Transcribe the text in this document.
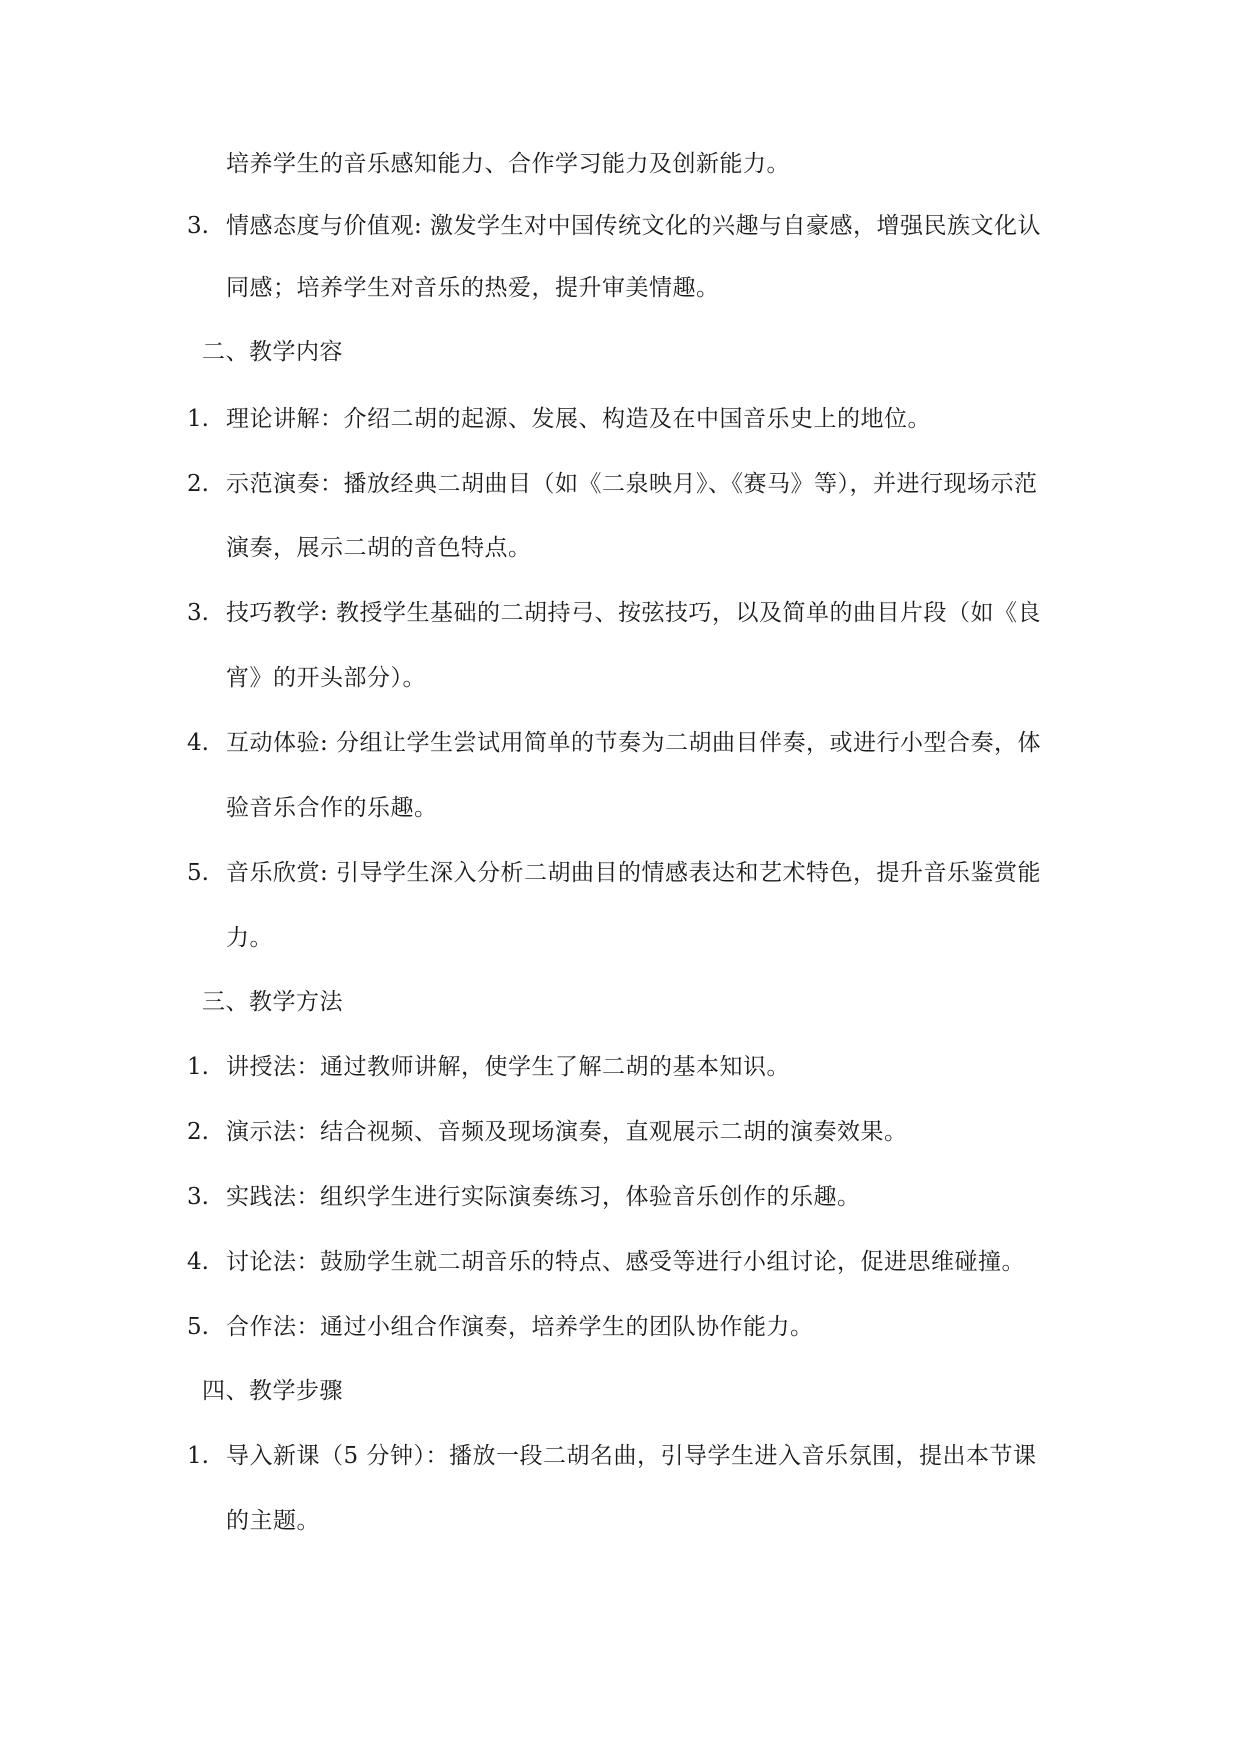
培养学生的音乐感知能力、合作学习能力及创新能力。
3. 情感态度与价值观: 激发学生对中国传统文化的兴趣与自豪感，增强民族文化认
同感；培养学生对音乐的热爱，提升审美情趣。
二、教学内容
1. 理论讲解：介绍二胡的起源、发展、构造及在中国音乐史上的地位。
2. 示范演奏：播放经典二胡曲目（如《二泉映月》、《赛马》等），并进行现场示范
演奏，展示二胡的音色特点。
3. 技巧教学: 教授学生基础的二胡持弓、按弦技巧，以及简单的曲目片段（如《良
宵》的开头部分）。
4. 互动体验: 分组让学生尝试用简单的节奏为二胡曲目伴奏，或进行小型合奏，体
验音乐合作的乐趣。
5. 音乐欣赏: 引导学生深入分析二胡曲目的情感表达和艺术特色，提升音乐鉴赏能
力。
三、教学方法
1. 讲授法：通过教师讲解，使学生了解二胡的基本知识。
2. 演示法：结合视频、音频及现场演奏，直观展示二胡的演奏效果。
3. 实践法：组织学生进行实际演奏练习，体验音乐创作的乐趣。
4. 讨论法：鼓励学生就二胡音乐的特点、感受等进行小组讨论，促进思维碰撞。
5. 合作法：通过小组合作演奏，培养学生的团队协作能力。
四、教学步骤
1. 导入新课（5 分钟）：播放一段二胡名曲，引导学生进入音乐氛围，提出本节课
的主题。
